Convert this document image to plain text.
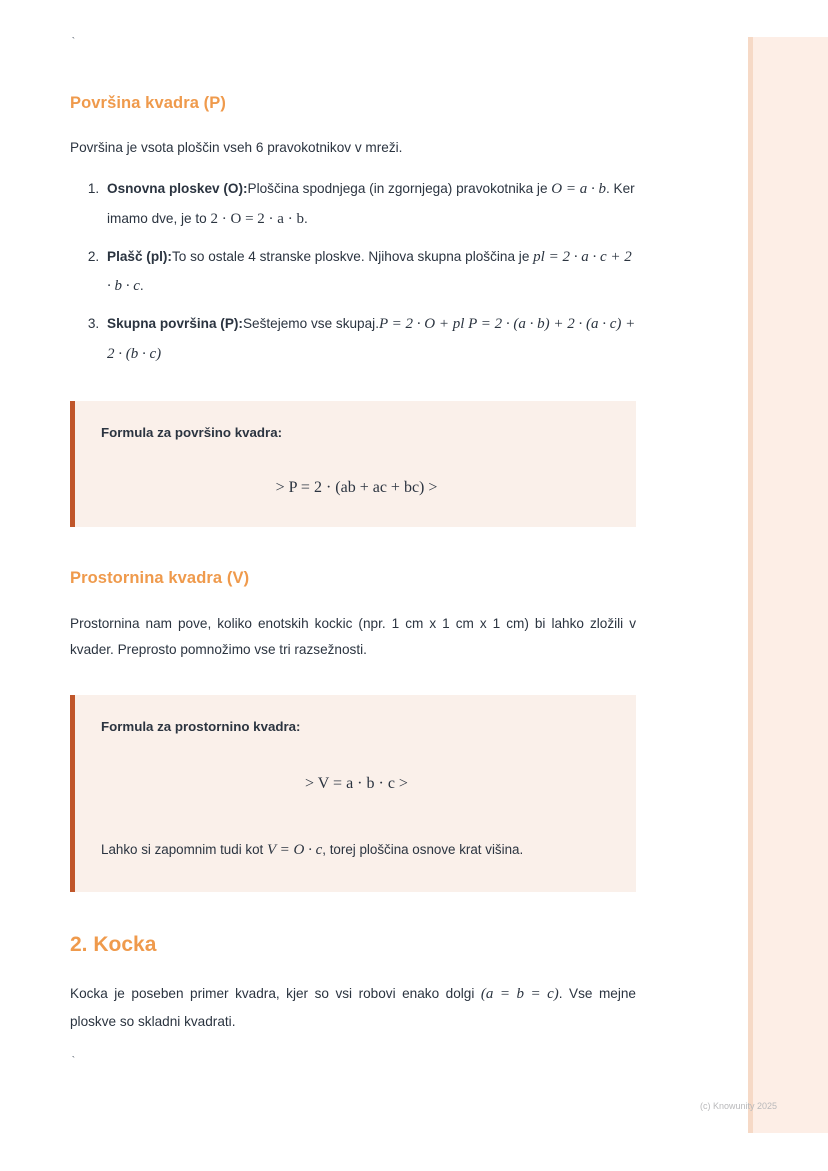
`
Površina kvadra (P)

Površina je vsota ploščin vseh 6 pravokotnikov v mreži.

1. Osnovna ploskev (O):Ploščina spodnjega (in zgornjega) pravokotnika je O = a · b. Ker imamo dve, je to 2 · O = 2 · a · b.
2. Plašč (pl):To so ostale 4 stranske ploskve. Njihova skupna ploščina je pl = 2 · a · c + 2 · b · c.
3. Skupna površina (P):Seštejemo vse skupaj.P = 2 · O + pl P = 2 · (a · b) + 2 · (a · c) + 2 · (b · c)

Formula za površino kvadra:

> P = 2 · (ab + ac + bc) >

Prostornina kvadra (V)

Prostornina nam pove, koliko enotskih kockic (npr. 1 cm x 1 cm x 1 cm) bi lahko zložili v kvader. Preprosto pomnožimo vse tri razsežnosti.

Formula za prostornino kvadra:

> V = a · b · c >

Lahko si zapomnim tudi kot V = O · c, torej ploščina osnove krat višina.

2. Kocka

Kocka je poseben primer kvadra, kjer so vsi robovi enako dolgi (a = b = c). Vse mejne ploskve so skladni kvadrati.

`
(c) Knowunity 2025
